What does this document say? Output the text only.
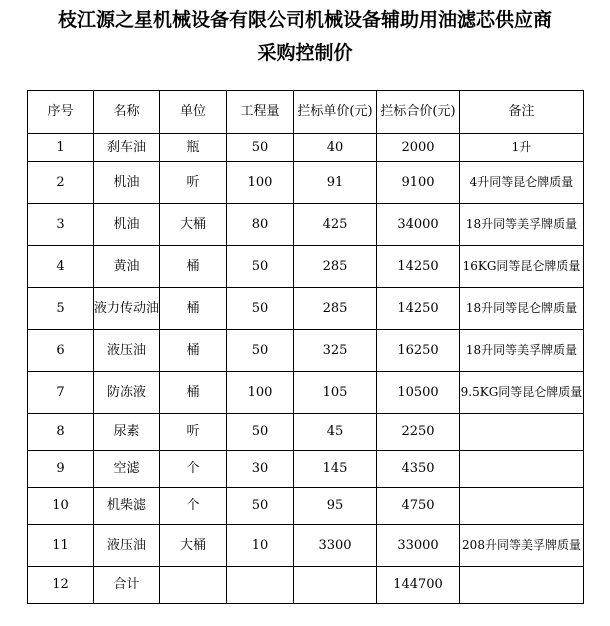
枝江源之星机械设备有限公司机械设备辅助用油滤芯供应商
采购控制价
序号	名称	单位	工程量	拦标单价(元)	拦标合价(元)	备注
1	刹车油	瓶	50	40	2000	1升
2	机油	听	100	91	9100	4升同等昆仑牌质量
3	机油	大桶	80	425	34000	18升同等美孚牌质量
4	黄油	桶	50	285	14250	16KG同等昆仑牌质量
5	液力传动油	桶	50	285	14250	18升同等昆仑牌质量
6	液压油	桶	50	325	16250	18升同等美孚牌质量
7	防冻液	桶	100	105	10500	9.5KG同等昆仑牌质量
8	尿素	听	50	45	2250	
9	空滤	个	30	145	4350	
10	机柴滤	个	50	95	4750	
11	液压油	大桶	10	3300	33000	208升同等美孚牌质量
12	合计				144700	
